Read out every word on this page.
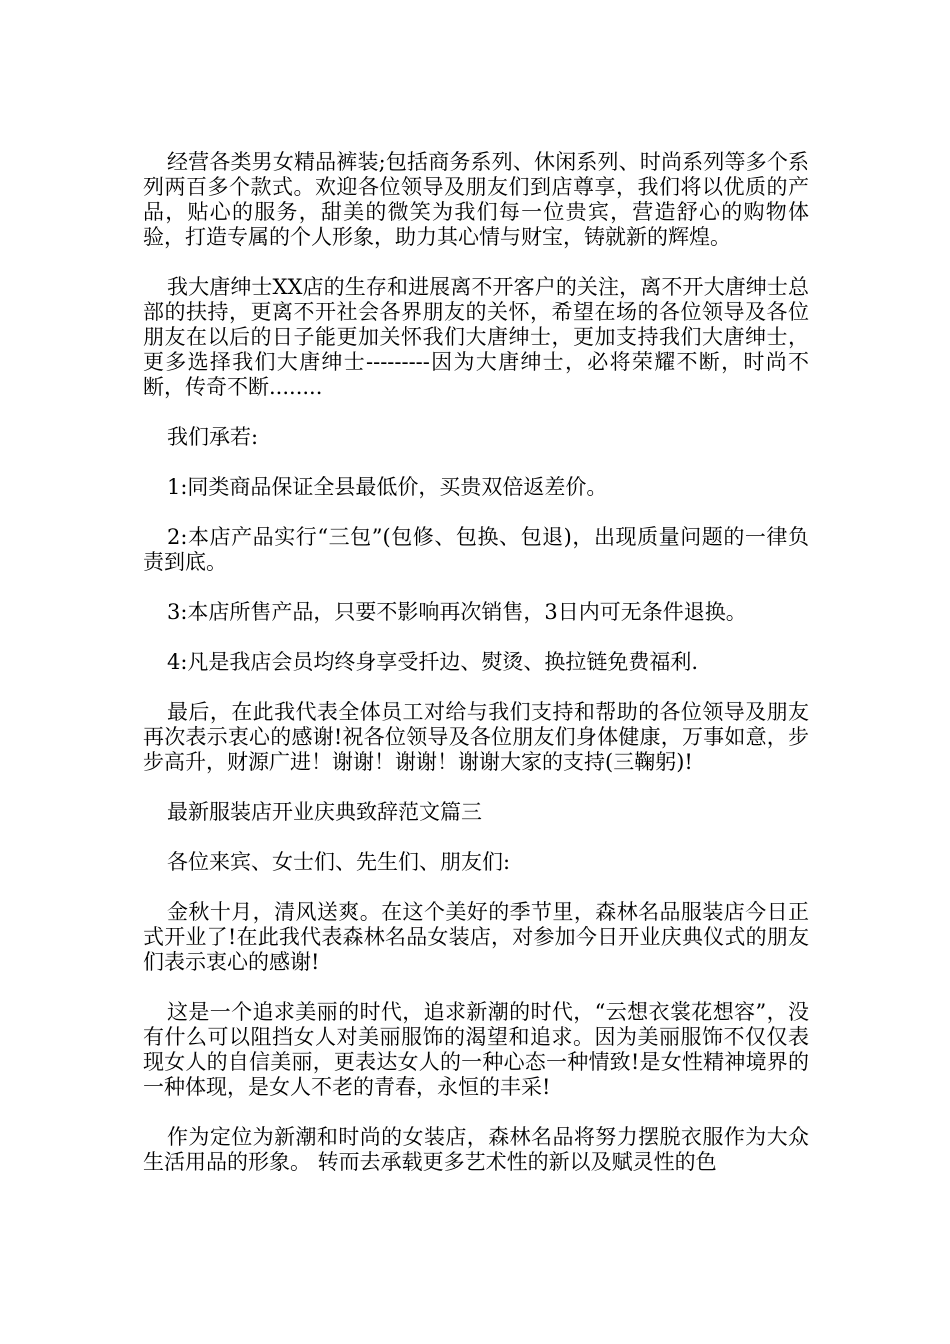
经营各类男女精品裤装;包括商务系列、休闲系列、时尚系列等多个系列两百多个款式。欢迎各位领导及朋友们到店尊享，我们将以优质的产品，贴心的服务，甜美的微笑为我们每一位贵宾，营造舒心的购物体验，打造专属的个人形象，助力其心情与财宝，铸就新的辉煌。

我大唐绅士XX店的生存和进展离不开客户的关注，离不开大唐绅士总部的扶持，更离不开社会各界朋友的关怀，希望在场的各位领导及各位朋友在以后的日子能更加关怀我们大唐绅士，更加支持我们大唐绅士，更多选择我们大唐绅士---------因为大唐绅士，必将荣耀不断，时尚不断，传奇不断........

我们承若:

1:同类商品保证全县最低价，买贵双倍返差价。

2:本店产品实行“三包”(包修、包换、包退)，出现质量问题的一律负责到底。

3:本店所售产品，只要不影响再次销售，3日内可无条件退换。

4:凡是我店会员均终身享受扦边、熨烫、换拉链免费福利.

最后，在此我代表全体员工对给与我们支持和帮助的各位领导及朋友再次表示衷心的感谢!祝各位领导及各位朋友们身体健康，万事如意，步步高升，财源广进！谢谢！谢谢！谢谢大家的支持(三鞠躬)!

最新服装店开业庆典致辞范文篇三

各位来宾、女士们、先生们、朋友们:

金秋十月，清风送爽。在这个美好的季节里，森林名品服装店今日正式开业了!在此我代表森林名品女装店，对参加今日开业庆典仪式的朋友们表示衷心的感谢!

这是一个追求美丽的时代，追求新潮的时代，“云想衣裳花想容”，没有什么可以阻挡女人对美丽服饰的渴望和追求。因为美丽服饰不仅仅表现女人的自信美丽，更表达女人的一种心态一种情致!是女性精神境界的一种体现，是女人不老的青春，永恒的丰采!

作为定位为新潮和时尚的女装店，森林名品将努力摆脱衣服作为大众生活用品的形象。 转而去承载更多艺术性的新以及赋灵性的色
